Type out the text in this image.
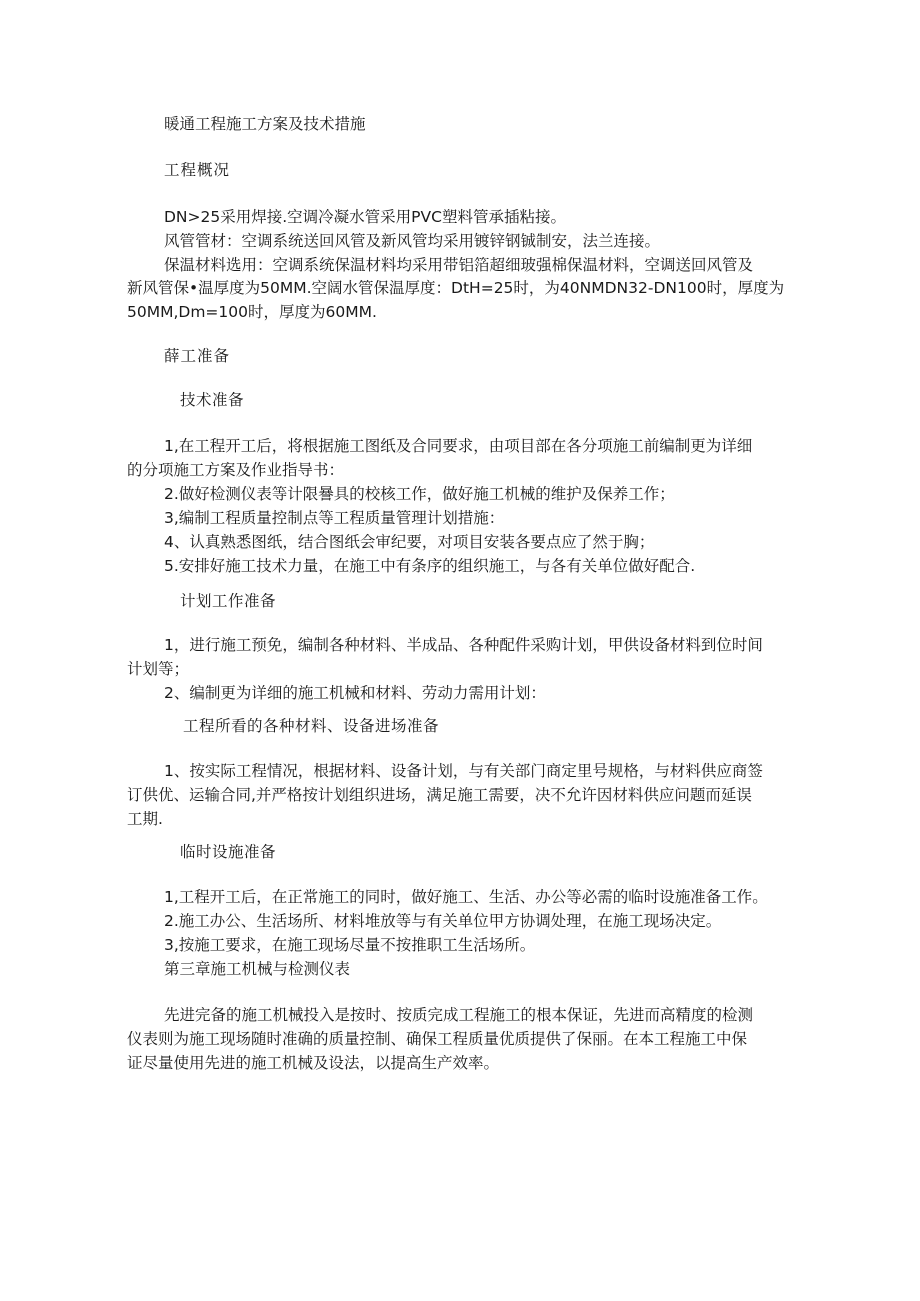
暖通工程施工方案及技术措施

工程概况

DN>25采用焊接.空调冷凝水管采用PVC塑料管承插粘接。

风管管材：空调系统送回风管及新风管均采用镀锌钢铖制安，法兰连接。

保温材料选用：空调系统保温材料均采用带铝箔超细玻强棉保温材料，空调送回风管及

新风管保•温厚度为50MM.空阔水管保温厚度：DtH=25时，为40NMDN32-DN100时，厚度为

50MM,Dm=100时，厚度为60MM.

薛工准备

技术准备

1,在工程开工后，将根据施工图纸及合同要求，由项目部在各分项施工前编制更为详细

的分项施工方案及作业指导书：

2.做好检测仪表等计限謈具的校核工作，做好施工机械的维护及保养工作；

3,编制工程质量控制点等工程质量管理计划措施：

4、认真熟悉图纸，结合图纸会审纪要，对项目安装各要点应了然于胸；

5.安排好施工技术力量，在施工中有条序的组织施工，与各有关单位做好配合.

计划工作准备

1，进行施工预免，编制各种材料、半成品、各种配件采购计划，甲供设备材料到位时间

计划等；

2、编制更为详细的施工机械和材料、劳动力需用计划：

工程所看的各种材料、设备进场准备

1、按实际工程情况，根据材料、设备计划，与有关部门商定里号规格，与材料供应商签

订供优、运输合同,并严格按计划组织进场，满足施工需要，决不允许因材料供应问题而延误

工期.

临时设施准备

1,工程开工后，在正常施工的同时，做好施工、生活、办公等必需的临时设施准备工作。

2.施工办公、生活场所、材料堆放等与有关单位甲方协调处理，在施工现场决定。

3,按施工要求，在施工现场尽量不按推职工生活场所。

第三章施工机械与检测仪表

先进完备的施工机械投入是按时、按质完成工程施工的根本保证，先进而高精度的检测

仪表则为施工现场随时准确的质量控制、确保工程质量优质提供了保丽。在本工程施工中保

证尽量使用先进的施工机械及设法，以提高生产效率。
